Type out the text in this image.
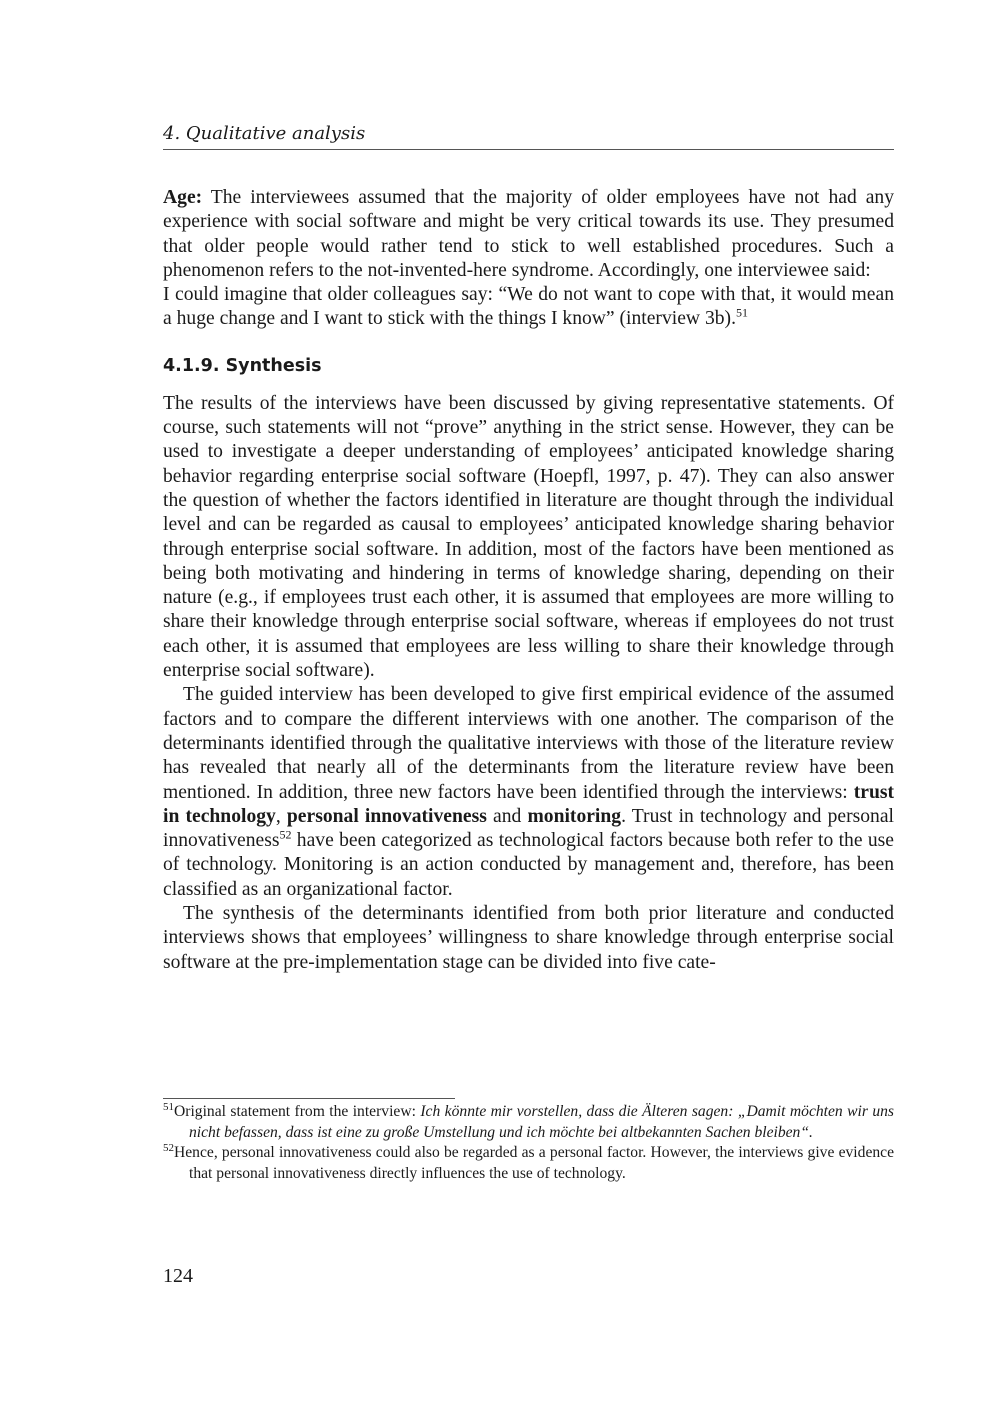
4. Qualitative analysis

Age: The interviewees assumed that the majority of older employees have not had any experience with social software and might be very critical towards its use. They presumed that older people would rather tend to stick to well established procedures. Such a phenomenon refers to the not-invented-here syndrome. Accordingly, one interviewee said:

I could imagine that older colleagues say: “We do not want to cope with that, it would mean a huge change and I want to stick with the things I know” (interview 3b).$^{51}$

4.1.9. Synthesis

The results of the interviews have been discussed by giving representative statements. Of course, such statements will not “prove” anything in the strict sense. However, they can be used to investigate a deeper understanding of employees’ anticipated knowledge sharing behavior regarding enterprise social software (Hoepfl, 1997, p. 47). They can also answer the question of whether the factors identified in literature are thought through the individual level and can be regarded as causal to employees’ anticipated knowledge sharing behavior through enterprise social software. In addition, most of the factors have been mentioned as being both motivating and hindering in terms of knowledge sharing, depending on their nature (e.g., if employees trust each other, it is assumed that employees are more willing to share their knowledge through enterprise social software, whereas if employees do not trust each other, it is assumed that employees are less willing to share their knowledge through enterprise social software).

The guided interview has been developed to give first empirical evidence of the assumed factors and to compare the different interviews with one another. The comparison of the determinants identified through the qualitative interviews with those of the literature review has revealed that nearly all of the determinants from the literature review have been mentioned. In addition, three new factors have been identified through the interviews: trust in technology, personal innovativeness and monitoring. Trust in technology and personal innovativeness$^{52}$ have been categorized as technological factors because both refer to the use of technology. Monitoring is an action conducted by management and, therefore, has been classified as an organizational factor.

The synthesis of the determinants identified from both prior literature and conducted interviews shows that employees’ willingness to share knowledge through enterprise social software at the pre-implementation stage can be divided into five cate-

$^{51}$Original statement from the interview: Ich könnte mir vorstellen, dass die Älteren sagen: „Damit möchten wir uns nicht befassen, dass ist eine zu große Umstellung und ich möchte bei altbekannten Sachen bleiben“.

$^{52}$Hence, personal innovativeness could also be regarded as a personal factor. However, the interviews give evidence that personal innovativeness directly influences the use of technology.

124
